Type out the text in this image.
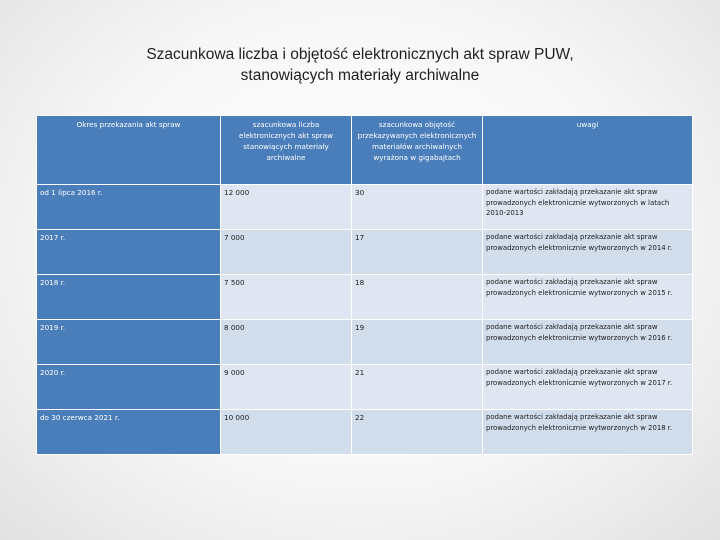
Szacunkowa liczba i objętość elektronicznych akt spraw PUW,
stanowiących materiały archiwalne
Okres przekazania akt spraw	szacunkowa liczba elektronicznych akt spraw stanowiących materiały archiwalne	szacunkowa objętość przekazywanych elektronicznych materiałów archiwalnych wyrażona w gigabajtach	uwagi
od 1 lipca 2016 r.	12 000	30	podane wartości zakładają przekazanie akt spraw prowadzonych elektronicznie wytworzonych w latach 2010-2013
2017 r.	7 000	17	podane wartości zakładają przekazanie akt spraw prowadzonych elektronicznie wytworzonych w 2014 r.
2018 r.	7 500	18	podane wartości zakładają przekazanie akt spraw prowadzonych elektronicznie wytworzonych w 2015 r.
2019 r.	8 000	19	podane wartości zakładają przekazanie akt spraw prowadzonych elektronicznie wytworzonych w 2016 r.
2020 r.	9 000	21	podane wartości zakładają przekazanie akt spraw prowadzonych elektronicznie wytworzonych w 2017 r.
do 30 czerwca 2021 r.	10 000	22	podane wartości zakładają przekazanie akt spraw prowadzonych elektronicznie wytworzonych w 2018 r.
